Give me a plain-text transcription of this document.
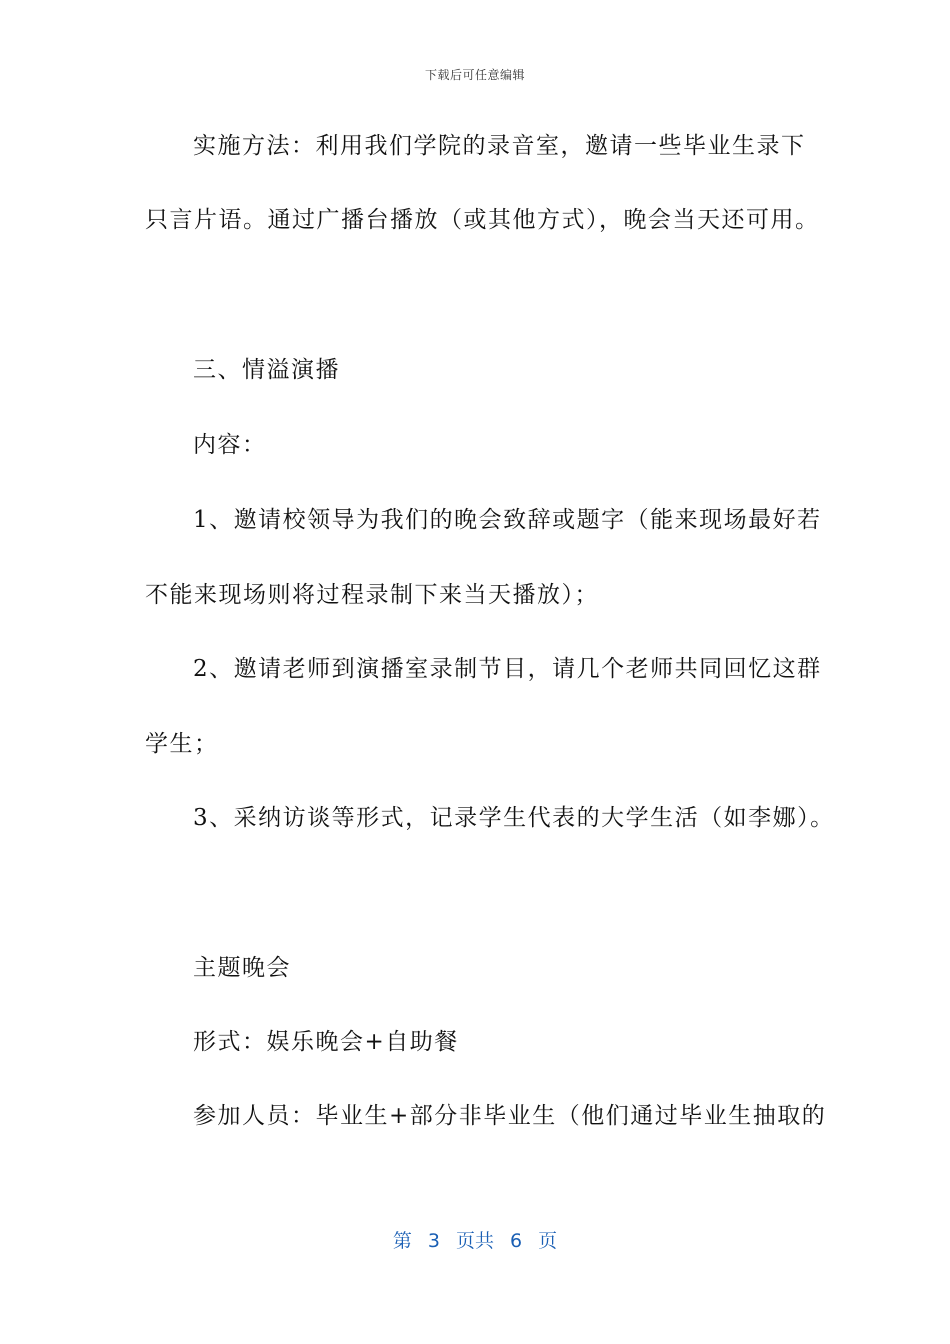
下载后可任意编辑
实施方法：利用我们学院的录音室，邀请一些毕业生录下
只言片语。通过广播台播放（或其他方式），晚会当天还可用。
三、情溢演播
内容：
1、邀请校领导为我们的晚会致辞或题字（能来现场最好若
不能来现场则将过程录制下来当天播放）；
2、邀请老师到演播室录制节目，请几个老师共同回忆这群
学生；
3、采纳访谈等形式，记录学生代表的大学生活（如李娜）。
主题晚会
形式：娱乐晚会+自助餐
参加人员：毕业生+部分非毕业生（他们通过毕业生抽取的
第 3 页共 6 页
